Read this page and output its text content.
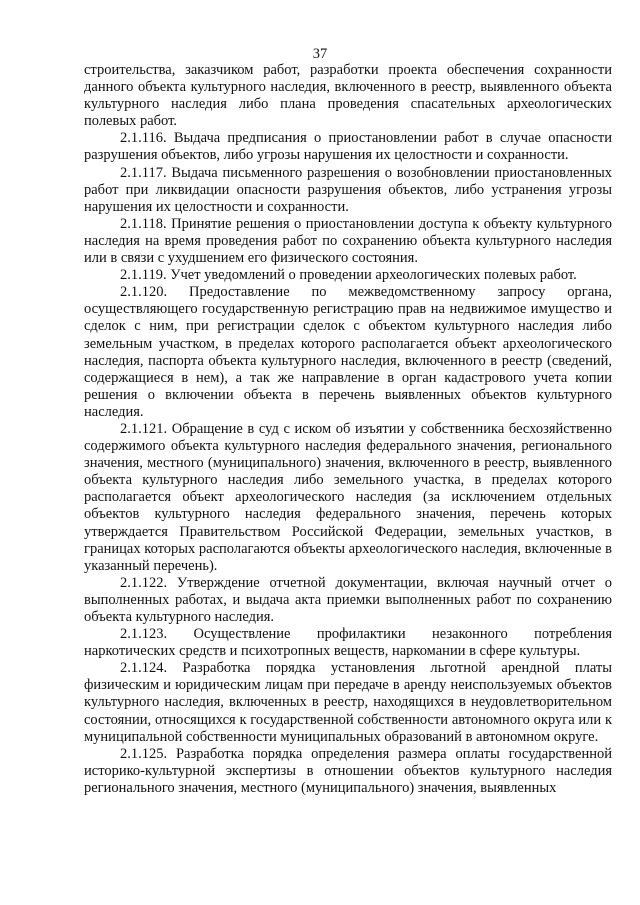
37

строительства, заказчиком работ, разработки проекта обеспечения сохранности данного объекта культурного наследия, включенного в реестр, выявленного объекта культурного наследия либо плана проведения спасательных археологических полевых работ.

2.1.116. Выдача предписания о приостановлении работ в случае опасности разрушения объектов, либо угрозы нарушения их целостности и сохранности.

2.1.117. Выдача письменного разрешения о возобновлении приостановленных работ при ликвидации опасности разрушения объектов, либо устранения угрозы нарушения их целостности и сохранности.

2.1.118. Принятие решения о приостановлении доступа к объекту культурного наследия на время проведения работ по сохранению объекта культурного наследия или в связи с ухудшением его физического состояния.

2.1.119. Учет уведомлений о проведении археологических полевых работ.

2.1.120. Предоставление по межведомственному запросу органа, осуществляющего государственную регистрацию прав на недвижимое имущество и сделок с ним, при регистрации сделок с объектом культурного наследия либо земельным участком, в пределах которого располагается объект археологического наследия, паспорта объекта культурного наследия, включенного в реестр (сведений, содержащиеся в нем), а так же направление в орган кадастрового учета копии решения о включении объекта в перечень выявленных объектов культурного наследия.

2.1.121. Обращение в суд с иском об изъятии у собственника бесхозяйственно содержимого объекта культурного наследия федерального значения, регионального значения, местного (муниципального) значения, включенного в реестр, выявленного объекта культурного наследия либо земельного участка, в пределах которого располагается объект археологического наследия (за исключением отдельных объектов культурного наследия федерального значения, перечень которых утверждается Правительством Российской Федерации, земельных участков, в границах которых располагаются объекты археологического наследия, включенные в указанный перечень).

2.1.122. Утверждение отчетной документации, включая научный отчет о выполненных работах, и выдача акта приемки выполненных работ по сохранению объекта культурного наследия.

2.1.123. Осуществление профилактики незаконного потребления наркотических средств и психотропных веществ, наркомании в сфере культуры.

2.1.124. Разработка порядка установления льготной арендной платы физическим и юридическим лицам при передаче в аренду неиспользуемых объектов культурного наследия, включенных в реестр, находящихся в неудовлетворительном состоянии, относящихся к государственной собственности автономного округа или к муниципальной собственности муниципальных образований в автономном округе.

2.1.125. Разработка порядка определения размера оплаты государственной историко-культурной экспертизы в отношении объектов культурного наследия регионального значения, местного (муниципального) значения, выявленных
